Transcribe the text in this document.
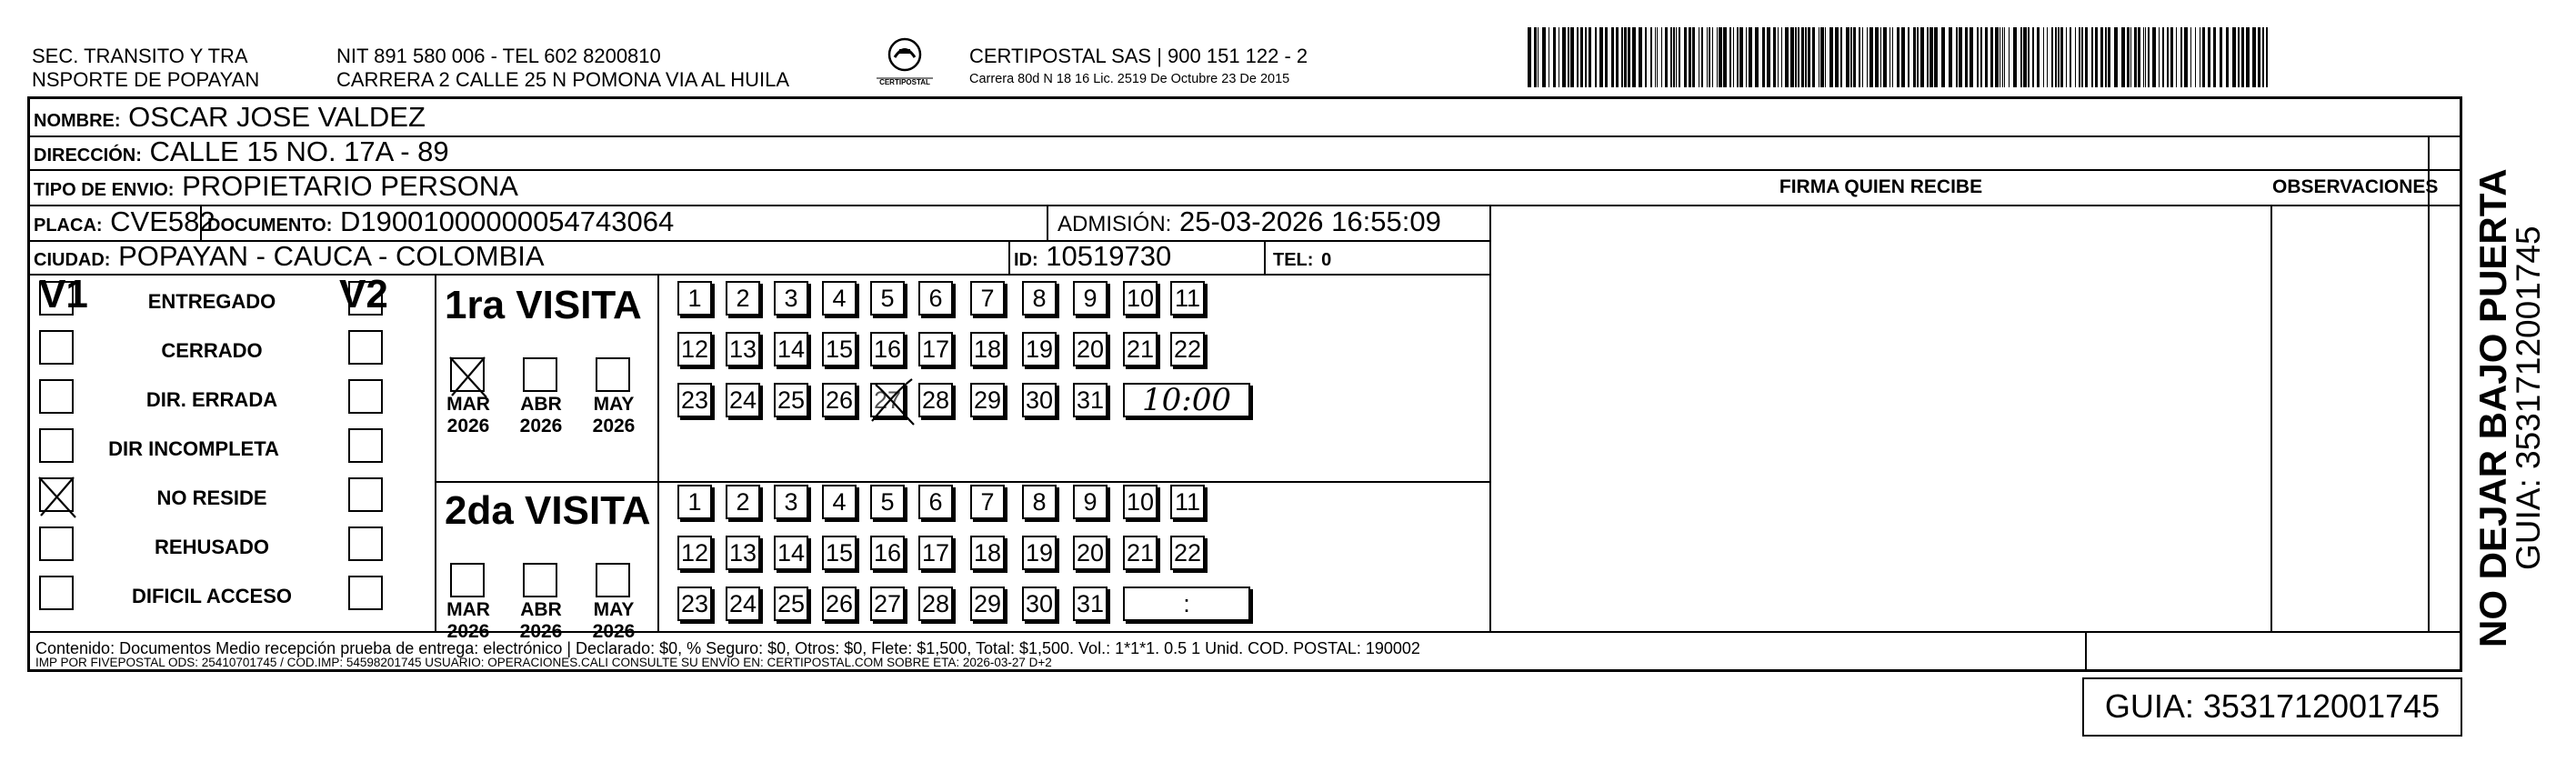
SEC. TRANSITO Y TRA
NSPORTE DE POPAYAN
NIT 891 580 006 - TEL 602 8200810
CARRERA 2 CALLE 25 N POMONA VIA AL HUILA	CERTIPOSTAL
CERTIPOSTAL SAS | 900 151 122 - 2
Carrera 80d N 18 16 Lic. 2519 De Octubre 23 De 2015
NOMBRE: OSCAR JOSE VALDEZ
DIRECCIÓN: CALLE 15 NO. 17A - 89
TIPO DE ENVIO: PROPIETARIO PERSONA	FIRMA QUIEN RECIBE	OBSERVACIONES
PLACA: CVE582
DOCUMENTO: D19001000000054743064	ADMISIÓN: 25-03-2026 16:55:09
CIUDAD: POPAYAN - CAUCA - COLOMBIA	ID: 10519730	TEL: 0
V1	V2 1ra VISITA
2da VISITA
Contenido: Documentos Medio recepción prueba de entrega: electrónico | Declarado: $0, % Seguro: $0, Otros: $0, Flete: $1,500, Total: $1,500. Vol.: 1*1*1. 0.5 1 Unid. COD. POSTAL: 190002
IMP POR FIVEPOSTAL ODS: 25410701745 / COD.IMP: 54598201745 USUARIO: OPERACIONES.CALI CONSULTE SU ENVIO EN: CERTIPOSTAL.COM SOBRE ETA: 2026-03-27 D+2
ENTREGADO
CERRADO
DIR. ERRADA
DIR INCOMPLETA
NO RESIDE
REHUSADO
DIFICIL ACCESO
MAR
2026
ABR
2026
MAY
2026
MAR
2026
ABR
2026
MAY
2026
1	2	3	4	5	6	7	8	9	10 11
12 13 14 15 16 17 18 19 20 21 22
23 24 25 26 27 28 29 30 31	10:00
1	2	3	4	5	6	7	8	9	10 11
12 13 14 15 16 17 18 19 20 21 22
23 24 25 26 27 28 29 30 31	:
GUIA: 3531712001745
NO DEJAR BAJO PUERTA
GUIA: 3531712001745
